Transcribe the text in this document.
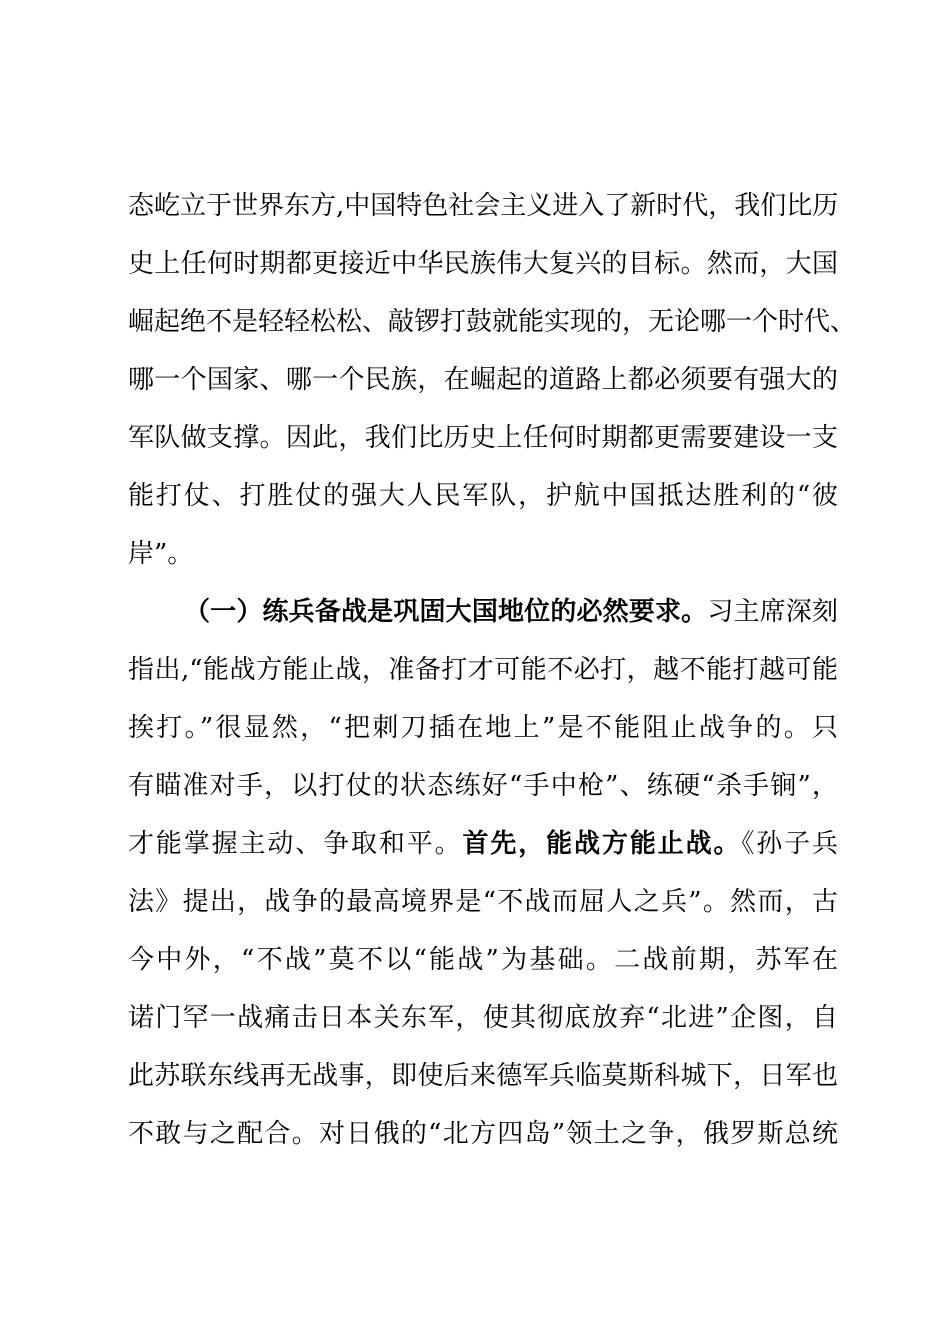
态屹立于世界东方,中国特色社会主义进入了新时代，我们比历
史上任何时期都更接近中华民族伟大复兴的目标。然而，大国
崛起绝不是轻轻松松、敲锣打鼓就能实现的，无论哪一个时代、
哪一个国家、哪一个民族，在崛起的道路上都必须要有强大的
军队做支撑。因此，我们比历史上任何时期都更需要建设一支
能打仗、打胜仗的强大人民军队，护航中国抵达胜利的“彼
岸”。
（一）练兵备战是巩固大国地位的必然要求。习主席深刻
指出,“能战方能止战，准备打才可能不必打，越不能打越可能
挨打。”很显然，“把刺刀插在地上”是不能阻止战争的。只
有瞄准对手，以打仗的状态练好“手中枪”、练硬“杀手锏”，
才能掌握主动、争取和平。首先，能战方能止战。《孙子兵
法》提出，战争的最高境界是“不战而屈人之兵”。然而，古
今中外，“不战”莫不以“能战”为基础。二战前期，苏军在
诺门罕一战痛击日本关东军，使其彻底放弃“北进”企图，自
此苏联东线再无战事，即使后来德军兵临莫斯科城下，日军也
不敢与之配合。对日俄的“北方四岛”领土之争，俄罗斯总统
